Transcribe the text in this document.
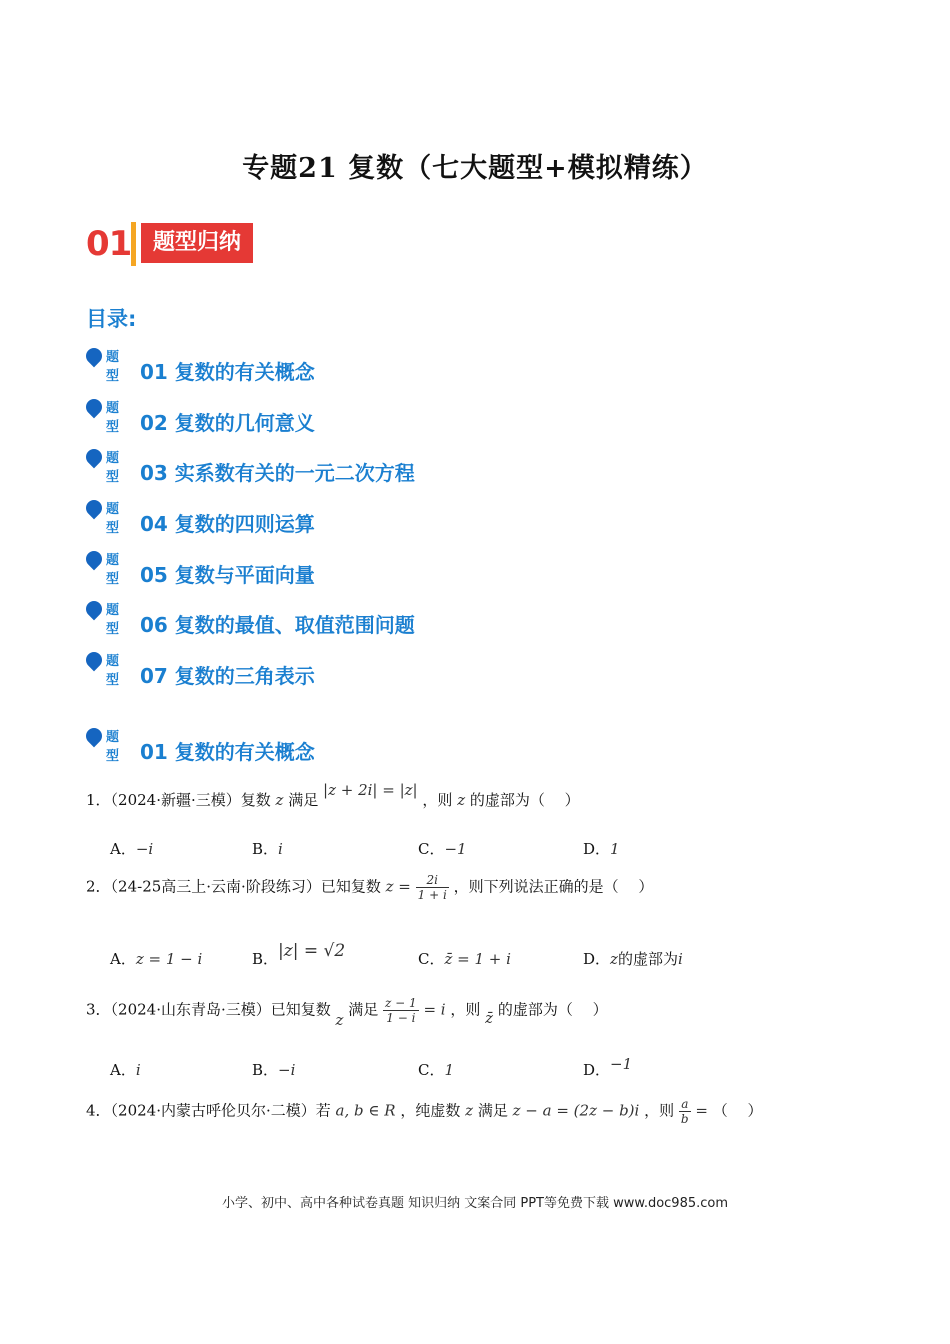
专题21 复数（七大题型+模拟精练）
01 题型归纳
目录:
题型 01 复数的有关概念
题型 02 复数的几何意义
题型 03 实系数有关的一元二次方程
题型 04 复数的四则运算
题型 05 复数与平面向量
题型 06 复数的最值、取值范围问题
题型 07 复数的三角表示
题型 01 复数的有关概念
1．（2024·新疆·三模）复数 z 满足 |z + 2i| = |z| ，则 z 的虚部为（　 ）
A．−i	B．i	C．−1	D．1
2．（24-25高三上·云南·阶段练习）已知复数 $z = \frac{2i}{1 + i}$ ，则下列说法正确的是（　 ）
A．z = 1 − i	B．|z| = √2	C．z̄ = 1 + i	D．z的虚部为i
3．（2024·山东青岛·三模）已知复数 z 满足 $\frac{z - 1}{1 - i} = i$ ，则 z̄ 的虚部为（　 ）
A．i	B．−i	C．1	D．−1
4．（2024·内蒙古呼伦贝尔·二模）若 a, b ∈ R ，纯虚数 z 满足 z − a = (2z − b)i ，则 $\frac{a}{b}$ = （　 ）
小学、初中、高中各种试卷真题 知识归纳 文案合同 PPT等免费下载 www.doc985.com
